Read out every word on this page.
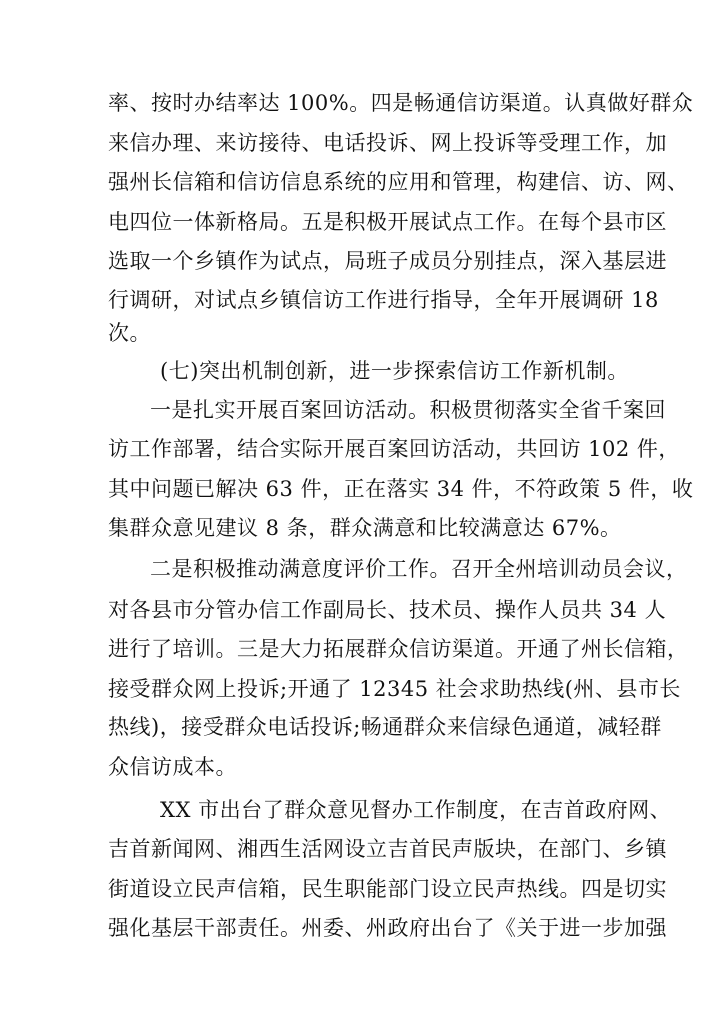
率、按时办结率达 100%。四是畅通信访渠道。认真做好群众
来信办理、来访接待、电话投诉、网上投诉等受理工作，加
强州长信箱和信访信息系统的应用和管理，构建信、访、网、
电四位一体新格局。五是积极开展试点工作。在每个县市区
选取一个乡镇作为试点，局班子成员分别挂点，深入基层进
行调研，对试点乡镇信访工作进行指导，全年开展调研 18
次。
(七)突出机制创新，进一步探索信访工作新机制。
一是扎实开展百案回访活动。积极贯彻落实全省千案回
访工作部署，结合实际开展百案回访活动，共回访 102 件，
其中问题已解决 63 件，正在落实 34 件，不符政策 5 件，收
集群众意见建议 8 条，群众满意和比较满意达 67%。
二是积极推动满意度评价工作。召开全州培训动员会议，
对各县市分管办信工作副局长、技术员、操作人员共 34 人
进行了培训。三是大力拓展群众信访渠道。开通了州长信箱，
接受群众网上投诉;开通了 12345 社会求助热线(州、县市长
热线)，接受群众电话投诉;畅通群众来信绿色通道，减轻群
众信访成本。
XX 市出台了群众意见督办工作制度，在吉首政府网、
吉首新闻网、湘西生活网设立吉首民声版块，在部门、乡镇
街道设立民声信箱，民生职能部门设立民声热线。四是切实
强化基层干部责任。州委、州政府出台了《关于进一步加强
